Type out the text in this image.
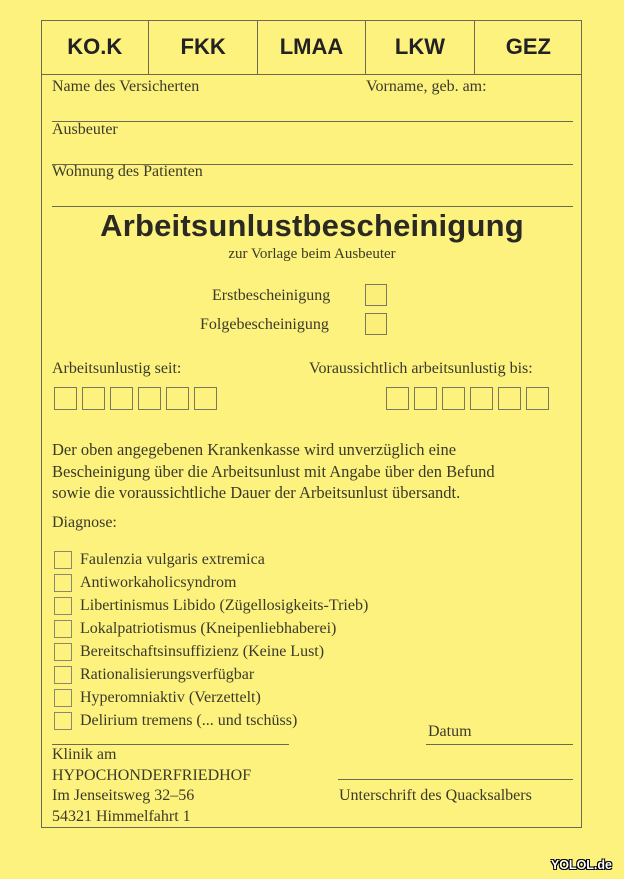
KO.K	FKK	LMAA	LKW	GEZ
Name des Versicherten	Vorname, geb. am:
Ausbeuter
Wohnung des Patienten
Arbeitsunlustbescheinigung
zur Vorlage beim Ausbeuter
Erstbescheinigung
Folgebescheinigung
Arbeitsunlustig seit:	Voraussichtlich arbeitsunlustig bis:
Der oben angegebenen Krankenkasse wird unverzüglich eine
Bescheinigung über die Arbeitsunlust mit Angabe über den Befund
sowie die voraussichtliche Dauer der Arbeitsunlust übersandt.
Diagnose:
Faulenzia vulgaris extremica
Antiworkaholicsyndrom
Libertinismus Libido (Zügellosigkeits-Trieb)
Lokalpatriotismus (Kneipenliebhaberei)
Bereitschaftsinsuffizienz (Keine Lust)
Rationalisierungsverfügbar
Hyperomniaktiv (Verzettelt)
Delirium tremens (... und tschüss)
Datum
Klinik am
HYPOCHONDERFRIEDHOF
Im Jenseitsweg 32–56
54321 Himmelfahrt 1
Unterschrift des Quacksalbers
YOLOL.de
